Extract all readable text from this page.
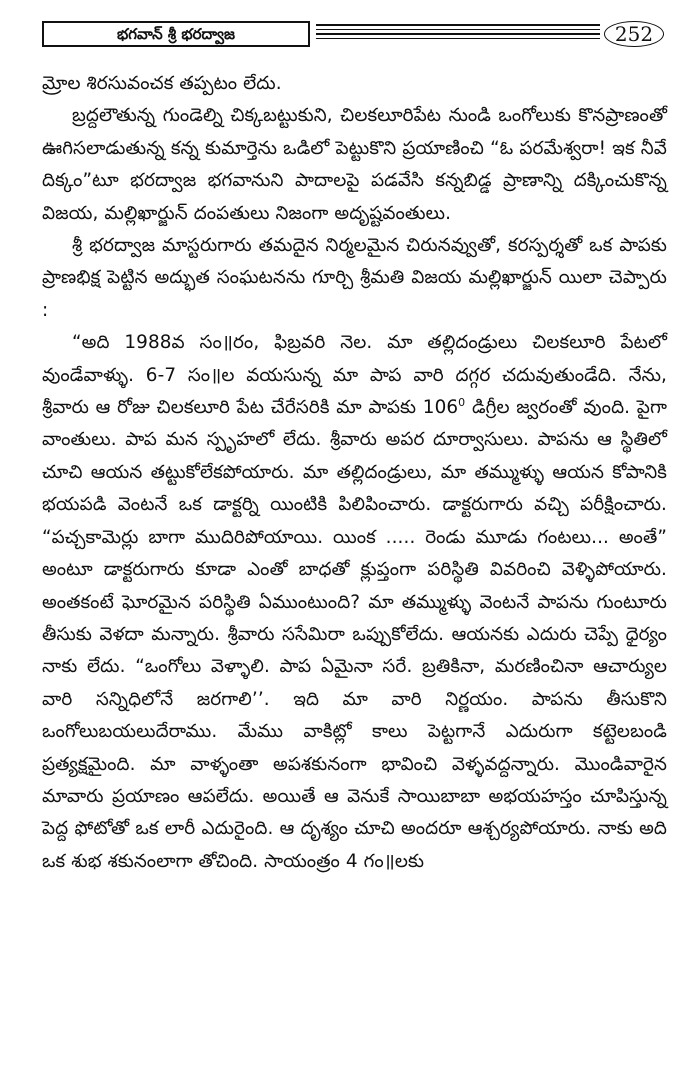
భగవాన్ శ్రీ భరద్వాజ	252

మ్రోల శిరసువంచక తప్పటం లేదు.

బ్రద్దలౌతున్న గుండెల్ని చిక్కబట్టుకుని, చిలకలూరిపేట నుండి ఒంగోలుకు కొనప్రాణంతో ఊగిసలాడుతున్న కన్న కుమార్తెను ఒడిలో పెట్టుకొని ప్రయాణించి “ఓ పరమేశ్వరా! ఇక నీవే దిక్కం”టూ భరద్వాజ భగవానుని పాదాలపై పడవేసి కన్నబిడ్డ ప్రాణాన్ని దక్కించుకొన్న విజయ, మల్లిఖార్జున్ దంపతులు నిజంగా అదృష్టవంతులు.

శ్రీ భరద్వాజ మాస్టరుగారు తమదైన నిర్మలమైన చిరునవ్వుతో, కరస్పర్శతో ఒక పాపకు ప్రాణభిక్ష పెట్టిన అద్భుత సంఘటనను గూర్చి శ్రీమతి విజయ మల్లిఖార్జున్ యిలా చెప్పారు :

“అది 1988వ సం॥రం, ఫిబ్రవరి నెల. మా తల్లిదండ్రులు చిలకలూరి పేటలో వుండేవాళ్ళు. 6-7 సం॥ల వయసున్న మా పాప వారి దగ్గర చదువుతుండేది. నేను, శ్రీవారు ఆ రోజు చిలకలూరి పేట చేరేసరికి మా పాపకు $106^0$ డిగ్రీల జ్వరంతో వుంది. పైగా వాంతులు. పాప మన స్పృహలో లేదు. శ్రీవారు అపర దూర్వాసులు. పాపను ఆ స్థితిలో చూచి ఆయన తట్టుకోలేకపోయారు. మా తల్లిదండ్రులు, మా తమ్ముళ్ళు ఆయన కోపానికి భయపడి వెంటనే ఒక డాక్టర్ని యింటికి పిలిపించారు. డాక్టరుగారు వచ్చి పరీక్షించారు. “పచ్చకామెర్లు బాగా ముదిరిపోయాయి. యింక ..... రెండు మూడు గంటలు... అంతే” అంటూ డాక్టరుగారు కూడా ఎంతో బాధతో క్లుప్తంగా పరిస్థితి వివరించి వెళ్ళిపోయారు. అంతకంటే ఘోరమైన పరిస్థితి ఏముంటుంది? మా తమ్ముళ్ళు వెంటనే పాపను గుంటూరు తీసుకు వెళదా మన్నారు. శ్రీవారు ససేమిరా ఒప్పుకోలేదు. ఆయనకు ఎదురు చెప్పే ధైర్యం నాకు లేదు. “ఒంగోలు వెళ్ళాలి. పాప ఏమైనా సరే. బ్రతికినా, మరణించినా ఆచార్యుల వారి సన్నిధిలోనే జరగాలి’’. ఇది మా వారి నిర్ణయం. పాపను తీసుకొని ఒంగోలుబయలుదేరాము. మేము వాకిట్లో కాలు పెట్టగానే ఎదురుగా కట్టెలబండి ప్రత్యక్షమైంది. మా వాళ్ళంతా అపశకునంగా భావించి వెళ్ళవద్దన్నారు. మొండివారైన మావారు ప్రయాణం ఆపలేదు. అయితే ఆ వెనుకే సాయిబాబా అభయహస్తం చూపిస్తున్న పెద్ద ఫోటోతో ఒక లారీ ఎదురైంది. ఆ దృశ్యం చూచి అందరూ ఆశ్చర్యపోయారు. నాకు అది ఒక శుభ శకునంలాగా తోచింది. సాయంత్రం 4 గం॥లకు
